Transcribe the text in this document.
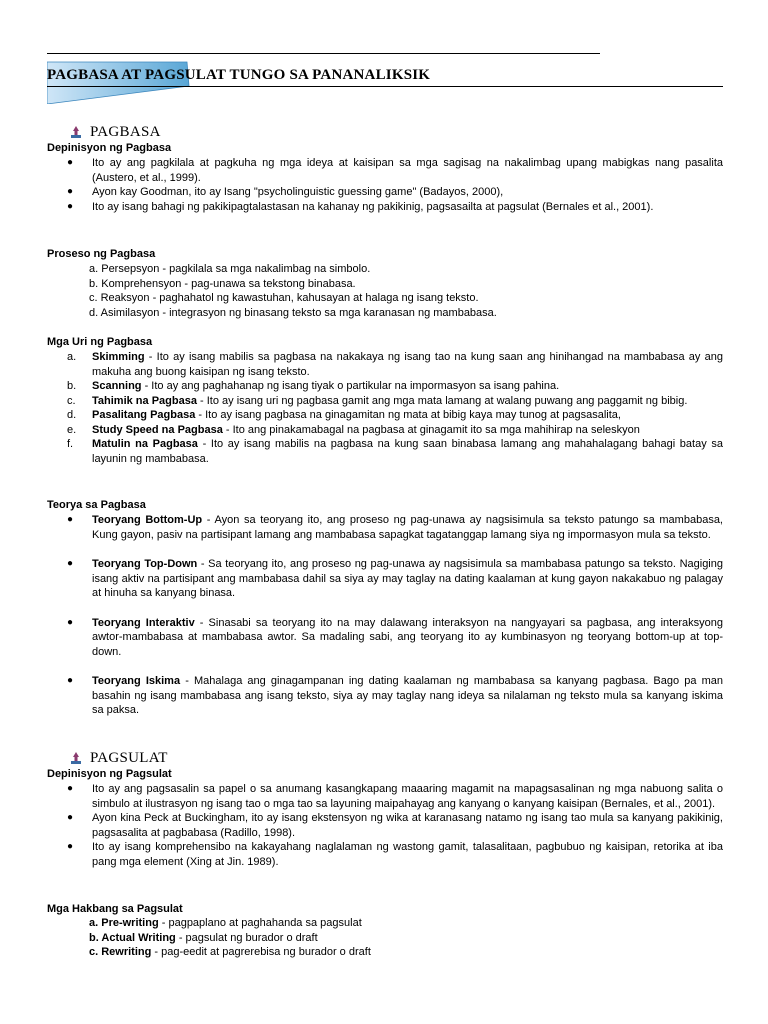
PAGBASA AT PAGSULAT TUNGO SA PANANALIKSIK
PAGBASA
Depinisyon ng Pagbasa
● Ito ay ang pagkilala at pagkuha ng mga ideya at kaisipan sa mga sagisag na nakalimbag upang mabigkas nang pasalita (Austero, et al., 1999).
● Ayon kay Goodman, ito ay Isang "psycholinguistic guessing game" (Badayos, 2000),
● Ito ay isang bahagi ng pakikipagtalastasan na kahanay ng pakikinig, pagsasailta at pagsulat (Bernales et al., 2001).
Proseso ng Pagbasa
a. Persepsyon - pagkilala sa mga nakalimbag na simbolo.
b. Komprehensyon - pag-unawa sa tekstong binabasa.
c. Reaksyon - paghahatol ng kawastuhan, kahusayan at halaga ng isang teksto.
d. Asimilasyon - integrasyon ng binasang teksto sa mga karanasan ng mambabasa.
Mga Uri ng Pagbasa
a. Skimming - Ito ay isang mabilis sa pagbasa na nakakaya ng isang tao na kung saan ang hinihangad na mambabasa ay ang makuha ang buong kaisipan ng isang teksto.
b. Scanning - Ito ay ang paghahanap ng isang tiyak o partikular na impormasyon sa isang pahina.
c. Tahimik na Pagbasa - Ito ay isang uri ng pagbasa gamit ang mga mata lamang at walang puwang ang paggamit ng bibig.
d. Pasalitang Pagbasa - Ito ay isang pagbasa na ginagamitan ng mata at bibig kaya may tunog at pagsasalita,
e. Study Speed na Pagbasa - Ito ang pinakamabagal na pagbasa at ginagamit ito sa mga mahihirap na seleskyon
f. Matulin na Pagbasa - Ito ay isang mabilis na pagbasa na kung saan binabasa lamang ang mahahalagang bahagi batay sa layunin ng mambabasa.
Teorya sa Pagbasa
● Teoryang Bottom-Up - Ayon sa teoryang ito, ang proseso ng pag-unawa ay nagsisimula sa teksto patungo sa mambabasa, Kung gayon, pasiv na partisipant lamang ang mambabasa sapagkat tagatanggap lamang siya ng impormasyon mula sa teksto.
● Teoryang Top-Down - Sa teoryang ito, ang proseso ng pag-unawa ay nagsisimula sa mambabasa patungo sa teksto. Nagiging isang aktiv na partisipant ang mambabasa dahil sa siya ay may taglay na dating kaalaman at kung gayon nakakabuo ng palagay at hinuha sa kanyang binasa.
● Teoryang Interaktiv - Sinasabi sa teoryang ito na may dalawang interaksyon na nangyayari sa pagbasa, ang interaksyong awtor-mambabasa at mambabasa awtor. Sa madaling sabi, ang teoryang ito ay kumbinasyon ng teoryang bottom-up at top-down.
● Teoryang Iskima - Mahalaga ang ginagampanan ing dating kaalaman ng mambabasa sa kanyang pagbasa. Bago pa man basahin ng isang mambabasa ang isang teksto, siya ay may taglay nang ideya sa nilalaman ng teksto mula sa kanyang iskima sa paksa.
PAGSULAT
Depinisyon ng Pagsulat
● Ito ay ang pagsasalin sa papel o sa anumang kasangkapang maaaring magamit na mapagsasalinan ng mga nabuong salita o simbulo at ilustrasyon ng isang tao o mga tao sa layuning maipahayag ang kanyang o kanyang kaisipan (Bernales, et al., 2001).
● Ayon kina Peck at Buckingham, ito ay isang ekstensyon ng wika at karanasang natamo ng isang tao mula sa kanyang pakikinig, pagsasalita at pagbabasa (Radillo, 1998).
● Ito ay isang komprehensibo na kakayahang naglalaman ng wastong gamit, talasalitaan, pagbubuo ng kaisipan, retorika at iba pang mga element (Xing at Jin. 1989).
Mga Hakbang sa Pagsulat
a. Pre-writing - pagpaplano at paghahanda sa pagsulat
b. Actual Writing - pagsulat ng burador o draft
c. Rewriting - pag-eedit at pagrerebisa ng burador o draft
